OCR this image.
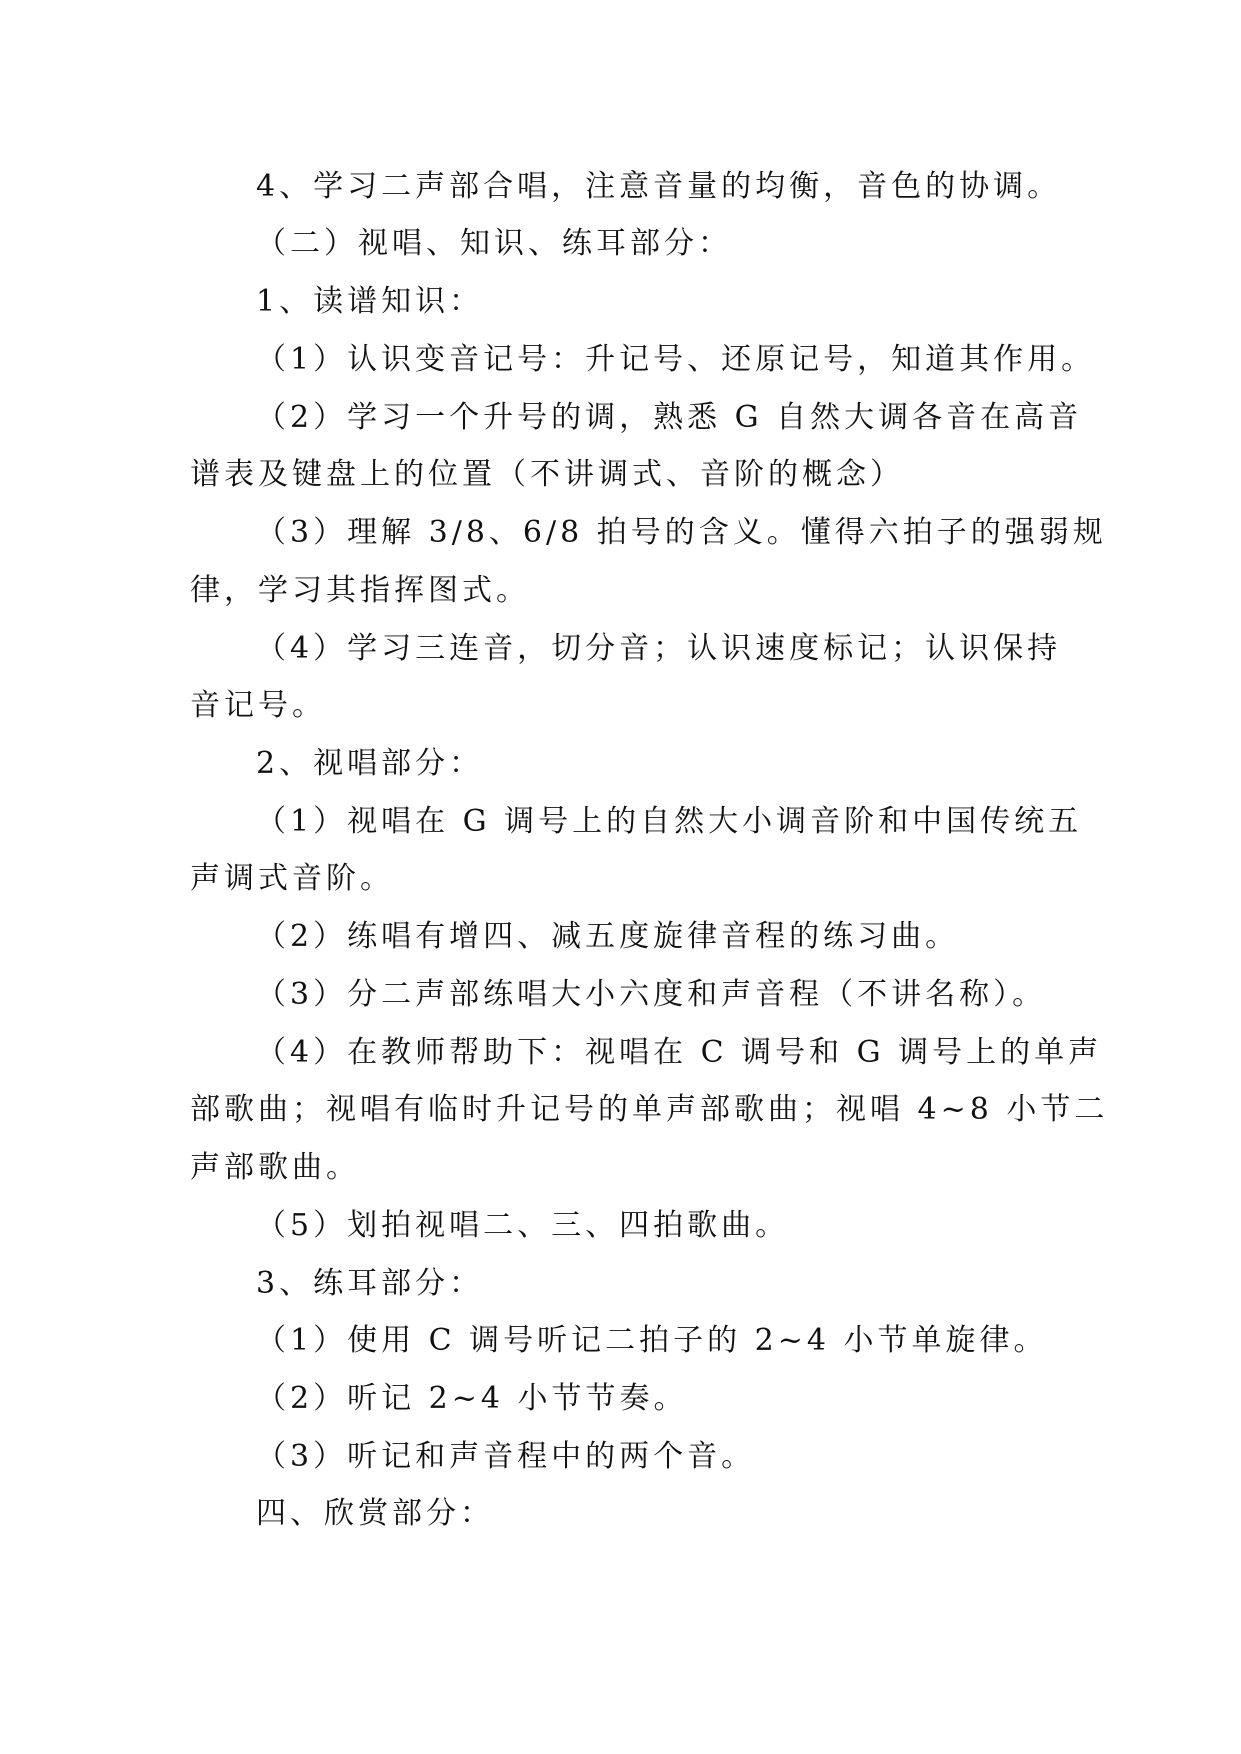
4、学习二声部合唱，注意音量的均衡，音色的协调。
（二）视唱、知识、练耳部分：
1、读谱知识：
（1）认识变音记号：升记号、还原记号，知道其作用。
（2）学习一个升号的调，熟悉 G 自然大调各音在高音
谱表及键盘上的位置（不讲调式、音阶的概念）
（3）理解 3/8、6/8 拍号的含义。懂得六拍子的强弱规
律，学习其指挥图式。
（4）学习三连音，切分音；认识速度标记；认识保持
音记号。
2、视唱部分：
（1）视唱在 G 调号上的自然大小调音阶和中国传统五
声调式音阶。
（2）练唱有增四、减五度旋律音程的练习曲。
（3）分二声部练唱大小六度和声音程（不讲名称）。
（4）在教师帮助下：视唱在 C 调号和 G 调号上的单声
部歌曲；视唱有临时升记号的单声部歌曲；视唱 4~8 小节二
声部歌曲。
（5）划拍视唱二、三、四拍歌曲。
3、练耳部分：
（1）使用 C 调号听记二拍子的 2~4 小节单旋律。
（2）听记 2~4 小节节奏。
（3）听记和声音程中的两个音。
四、欣赏部分：
